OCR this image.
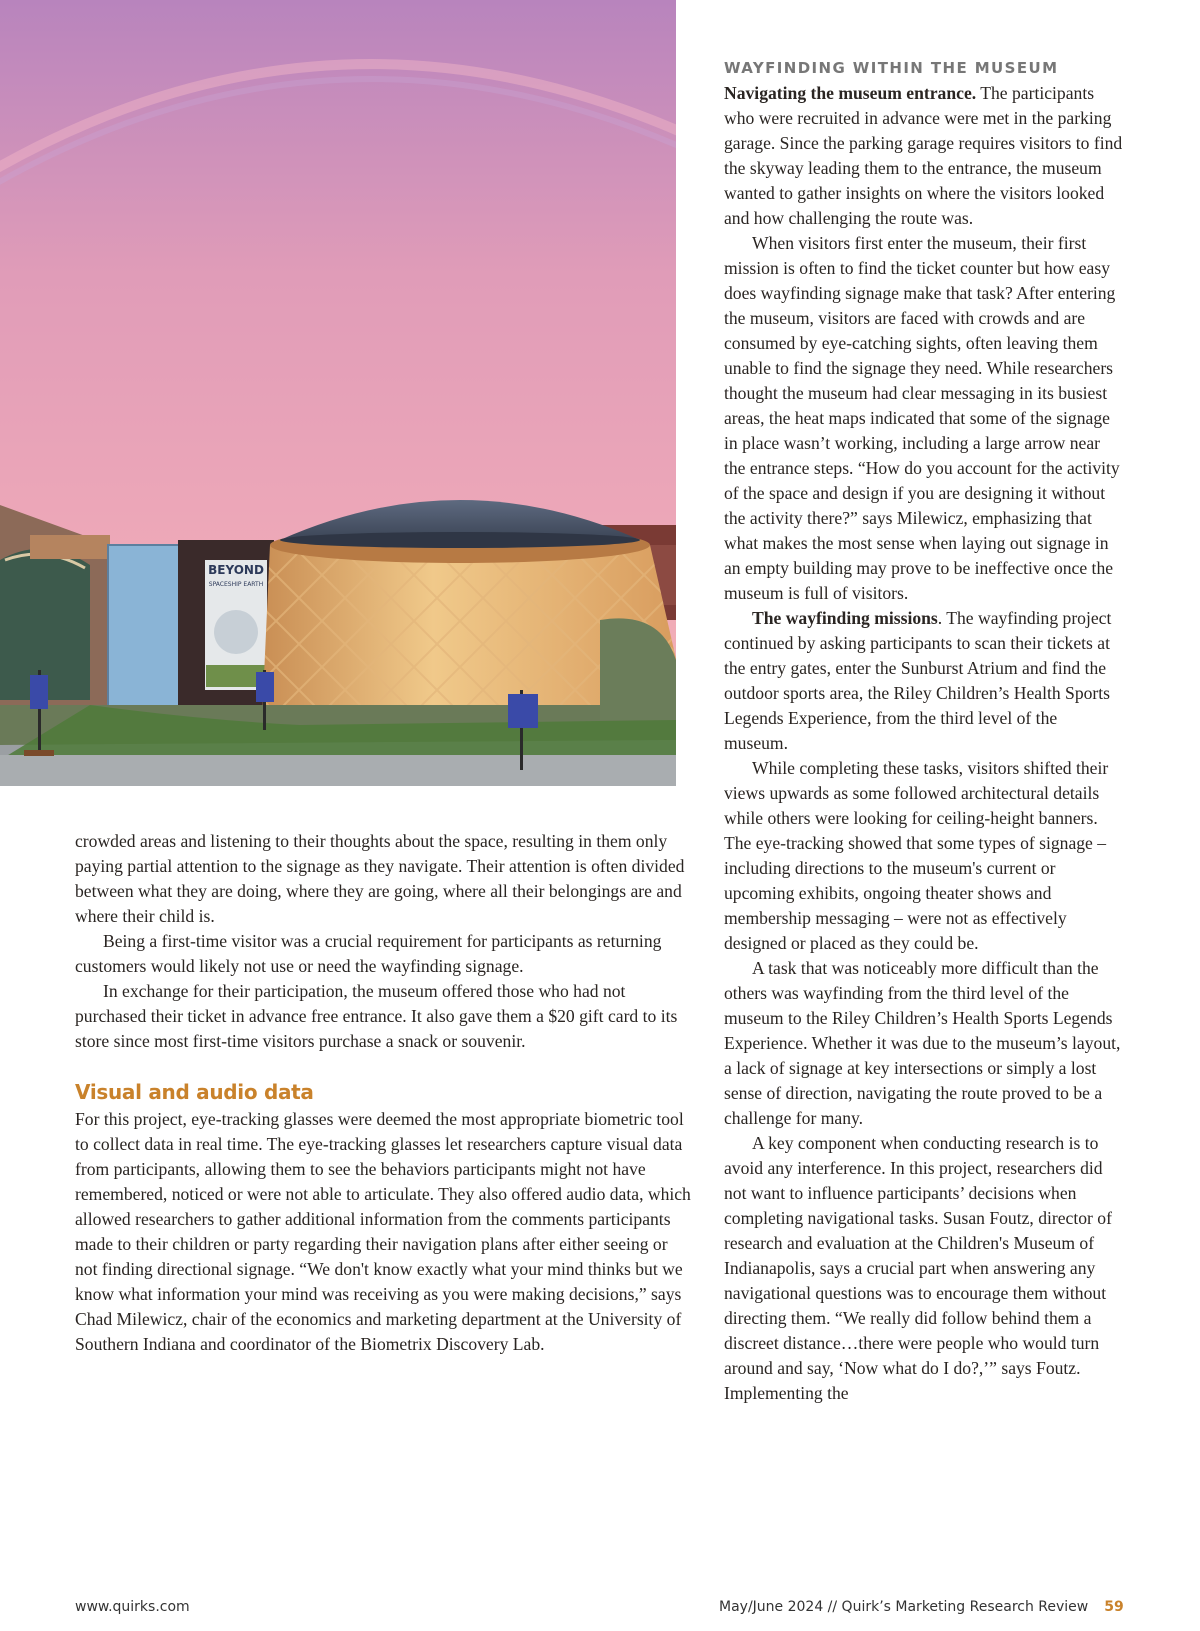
BEYOND
SPACESHIP EARTH

WAYFINDING WITHIN THE MUSEUM

Navigating the museum entrance. The participants who were recruited in advance were met in the parking garage. Since the parking garage requires visitors to find the skyway leading them to the entrance, the museum wanted to gather insights on where the visitors looked and how challenging the route was.

When visitors first enter the museum, their first mission is often to find the ticket counter but how easy does wayfinding signage make that task? After entering the museum, visitors are faced with crowds and are consumed by eye-catching sights, often leaving them unable to find the signage they need. While researchers thought the museum had clear messaging in its busiest areas, the heat maps indicated that some of the signage in place wasn’t working, including a large arrow near the entrance steps. “How do you account for the activity of the space and design if you are designing it without the activity there?” says Milewicz, emphasizing that what makes the most sense when laying out signage in an empty building may prove to be ineffective once the museum is full of visitors.

The wayfinding missions. The wayfinding project continued by asking participants to scan their tickets at the entry gates, enter the Sunburst Atrium and find the outdoor sports area, the Riley Children’s Health Sports Legends Experience, from the third level of the museum.

While completing these tasks, visitors shifted their views upwards as some followed architectural details while others were looking for ceiling-height banners. The eye-tracking showed that some types of signage – including directions to the museum's current or upcoming exhibits, ongoing theater shows and membership messaging – were not as effectively designed or placed as they could be.

A task that was noticeably more difficult than the others was wayfinding from the third level of the museum to the Riley Children’s Health Sports Legends Experience. Whether it was due to the museum’s layout, a lack of signage at key intersections or simply a lost sense of direction, navigating the route proved to be a challenge for many.

A key component when conducting research is to avoid any interference. In this project, researchers did not want to influence participants’ decisions when completing navigational tasks. Susan Foutz, director of research and evaluation at the Children's Museum of Indianapolis, says a crucial part when answering any navigational questions was to encourage them without directing them. “We really did follow behind them a discreet distance…there were people who would turn around and say, ‘Now what do I do?,’” says Foutz. Implementing the

crowded areas and listening to their thoughts about the space, resulting in them only paying partial attention to the signage as they navigate. Their attention is often divided between what they are doing, where they are going, where all their belongings are and where their child is.

Being a first-time visitor was a crucial requirement for participants as returning customers would likely not use or need the wayfinding signage.

In exchange for their participation, the museum offered those who had not purchased their ticket in advance free entrance. It also gave them a $20 gift card to its store since most first-time visitors purchase a snack or souvenir.

Visual and audio data

For this project, eye-tracking glasses were deemed the most appropriate biometric tool to collect data in real time. The eye-tracking glasses let researchers capture visual data from participants, allowing them to see the behaviors participants might not have remembered, noticed or were not able to articulate. They also offered audio data, which allowed researchers to gather additional information from the comments participants made to their children or party regarding their navigation plans after either seeing or not finding directional signage. “We don't know exactly what your mind thinks but we know what information your mind was receiving as you were making decisions,” says Chad Milewicz, chair of the economics and marketing department at the University of Southern Indiana and coordinator of the Biometrix Discovery Lab.

www.quirks.com	May/June 2024 // Quirk’s Marketing Research Review 59
